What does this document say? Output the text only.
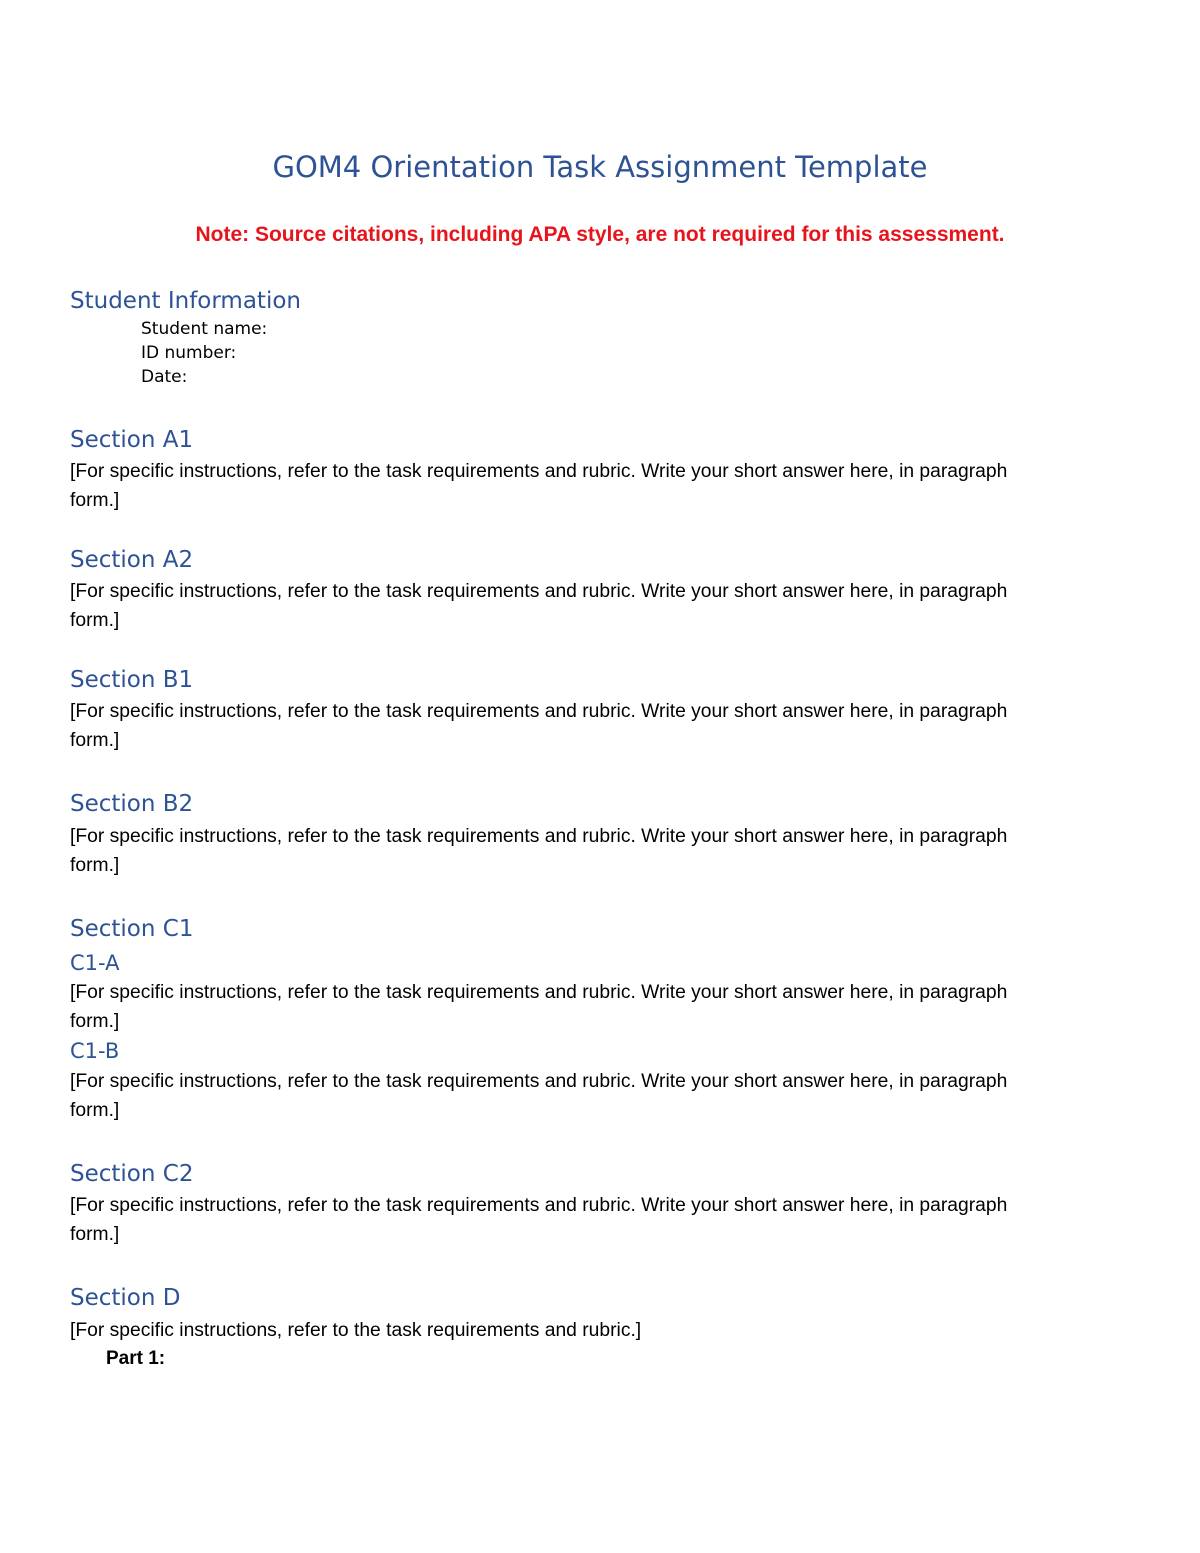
GOM4 Orientation Task Assignment Template
Note: Source citations, including APA style, are not required for this assessment.
Student Information
Student name:
ID number:
Date:
Section A1
[For specific instructions, refer to the task requirements and rubric. Write your short answer here, in paragraph
form.]
Section A2
[For specific instructions, refer to the task requirements and rubric. Write your short answer here, in paragraph
form.]
Section B1
[For specific instructions, refer to the task requirements and rubric. Write your short answer here, in paragraph
form.]
Section B2
[For specific instructions, refer to the task requirements and rubric. Write your short answer here, in paragraph
form.]
Section C1
C1-A
[For specific instructions, refer to the task requirements and rubric. Write your short answer here, in paragraph
form.]
C1-B
[For specific instructions, refer to the task requirements and rubric. Write your short answer here, in paragraph
form.]
Section C2
[For specific instructions, refer to the task requirements and rubric. Write your short answer here, in paragraph
form.]
Section D
[For specific instructions, refer to the task requirements and rubric.]
Part 1:
